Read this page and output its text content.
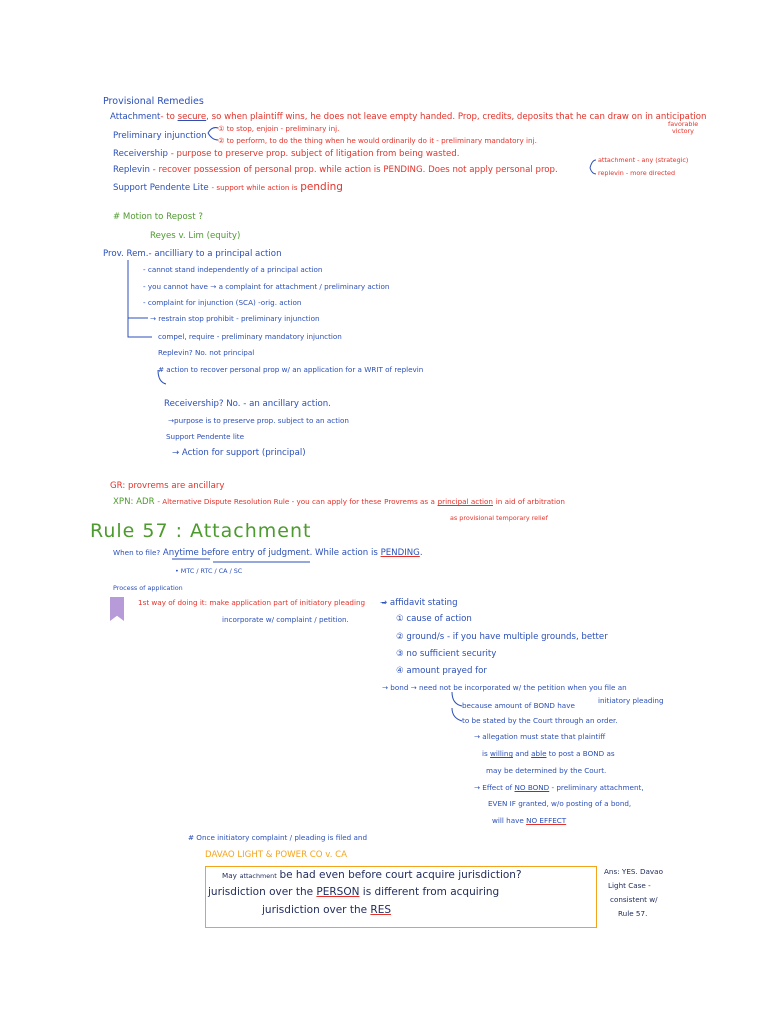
Provisional Remedies
Attachment- to secure, so when plaintiff wins, he does not leave empty handed. Prop, credits, deposits that he can draw on in anticipation
favorable
victory
Preliminary injunction
① to stop, enjoin - preliminary inj.
② to perform, to do the thing when he would ordinarily do it - preliminary mandatory inj.
Receivership - purpose to preserve prop. subject of litigation from being wasted.
Replevin - recover possession of personal prop. while action is PENDING. Does not apply personal prop.
attachment - any (strategic)
replevin - more directed
Support Pendente Lite - support while action is pending
# Motion to Repost ?
Reyes v. Lim (equity)
Prov. Rem.- ancilliary to a principal action
- cannot stand independently of a principal action
- you cannot have → a complaint for attachment / preliminary action
- complaint for injunction (SCA) -orig. action
→ restrain stop prohibit - preliminary injunction
compel, require - preliminary mandatory injunction
Replevin? No. not principal
# action to recover personal prop w/ an application for a WRIT of replevin
Receivership? No. - an ancillary action.
→purpose is to preserve prop. subject to an action
Support Pendente lite
→ Action for support (principal)
GR: provrems are ancillary
XPN: ADR - Alternative Dispute Resolution Rule - you can apply for these Provrems as a principal action in aid of arbitration
as provisional temporary relief
Rule 57 : Attachment
When to file? Anytime before entry of judgment. While action is PENDING.
• MTC / RTC / CA / SC
Process of application
1st way of doing it: make application part of initiatory pleading → affidavit stating
incorporate w/ complaint / petition.	① cause of action
② ground/s - if you have multiple grounds, better
③ no sufficient security
④ amount prayed for
→ bond → need not be incorporated w/ the petition when you file an
initiatory pleading
because amount of BOND have
to be stated by the Court through an order.
→ allegation must state that plaintiff
is willing and able to post a BOND as
may be determined by the Court.
→ Effect of NO BOND - preliminary attachment,
EVEN IF granted, w/o posting of a bond,
will have NO EFFECT
# Once initiatory complaint / pleading is filed and
DAVAO LIGHT & POWER CO v. CA
May attachment be had even before court acquire jurisdiction?
jurisdiction over the PERSON is different from acquiring
jurisdiction over the RES
Ans: YES. Davao
Light Case -
consistent w/
Rule 57.
